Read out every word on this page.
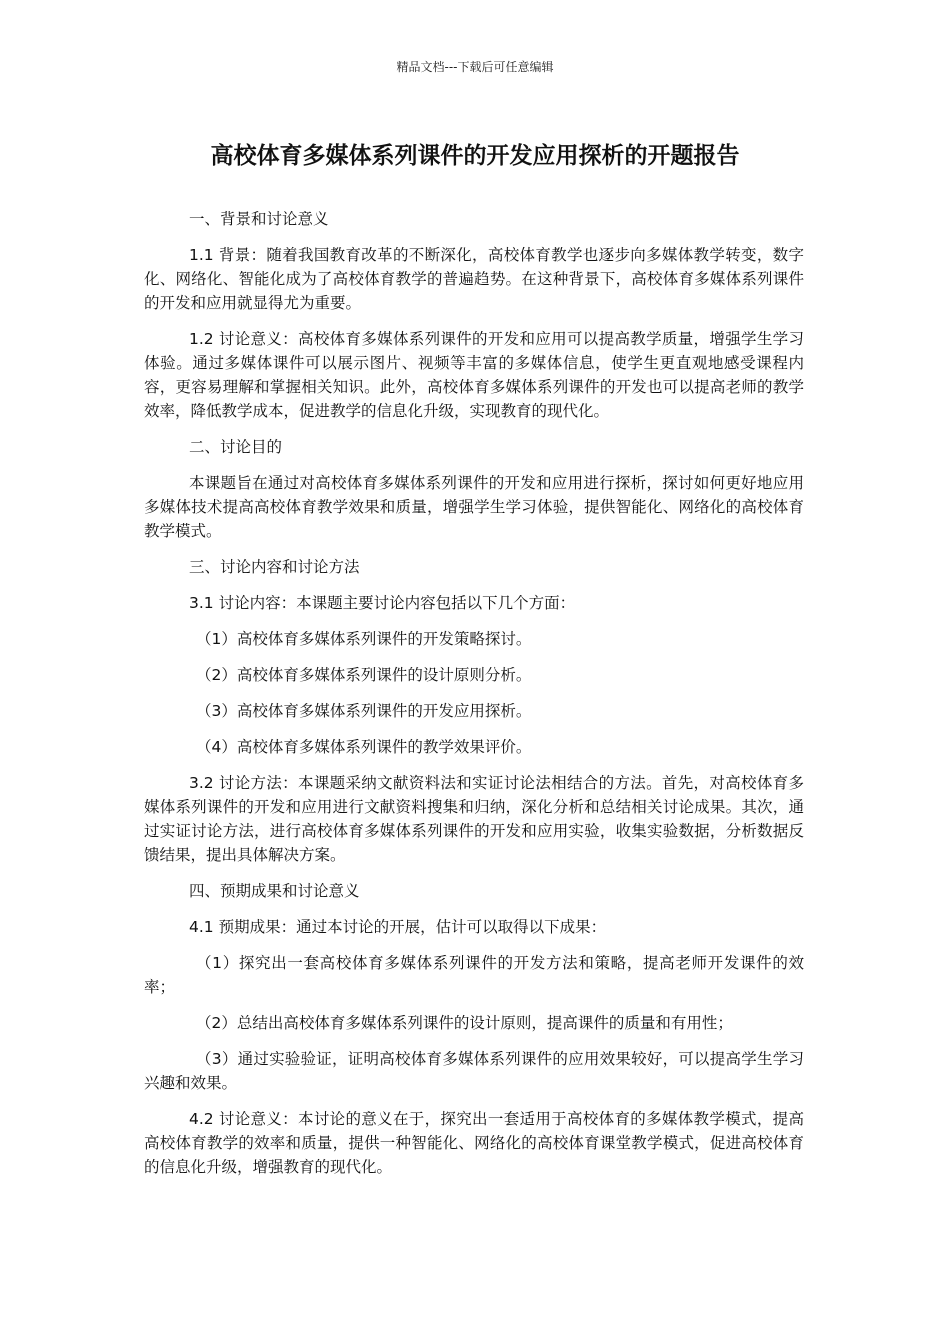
精品文档---下载后可任意编辑
高校体育多媒体系列课件的开发应用探析的开题报告

一、背景和讨论意义

1.1 背景：随着我国教育改革的不断深化，高校体育教学也逐步向多媒体教学转变，数字化、网络化、智能化成为了高校体育教学的普遍趋势。在这种背景下，高校体育多媒体系列课件的开发和应用就显得尤为重要。

1.2 讨论意义：高校体育多媒体系列课件的开发和应用可以提高教学质量，增强学生学习体验。通过多媒体课件可以展示图片、视频等丰富的多媒体信息，使学生更直观地感受课程内容，更容易理解和掌握相关知识。此外，高校体育多媒体系列课件的开发也可以提高老师的教学效率，降低教学成本，促进教学的信息化升级，实现教育的现代化。

二、讨论目的

本课题旨在通过对高校体育多媒体系列课件的开发和应用进行探析，探讨如何更好地应用多媒体技术提高高校体育教学效果和质量，增强学生学习体验，提供智能化、网络化的高校体育教学模式。

三、讨论内容和讨论方法

3.1 讨论内容：本课题主要讨论内容包括以下几个方面：

（1）高校体育多媒体系列课件的开发策略探讨。

（2）高校体育多媒体系列课件的设计原则分析。

（3）高校体育多媒体系列课件的开发应用探析。

（4）高校体育多媒体系列课件的教学效果评价。

3.2 讨论方法：本课题采纳文献资料法和实证讨论法相结合的方法。首先，对高校体育多媒体系列课件的开发和应用进行文献资料搜集和归纳，深化分析和总结相关讨论成果。其次，通过实证讨论方法，进行高校体育多媒体系列课件的开发和应用实验，收集实验数据，分析数据反馈结果，提出具体解决方案。

四、预期成果和讨论意义

4.1 预期成果：通过本讨论的开展，估计可以取得以下成果：

（1）探究出一套高校体育多媒体系列课件的开发方法和策略，提高老师开发课件的效率；

（2）总结出高校体育多媒体系列课件的设计原则，提高课件的质量和有用性；

（3）通过实验验证，证明高校体育多媒体系列课件的应用效果较好，可以提高学生学习兴趣和效果。

4.2 讨论意义：本讨论的意义在于，探究出一套适用于高校体育的多媒体教学模式，提高高校体育教学的效率和质量，提供一种智能化、网络化的高校体育课堂教学模式，促进高校体育的信息化升级，增强教育的现代化。
